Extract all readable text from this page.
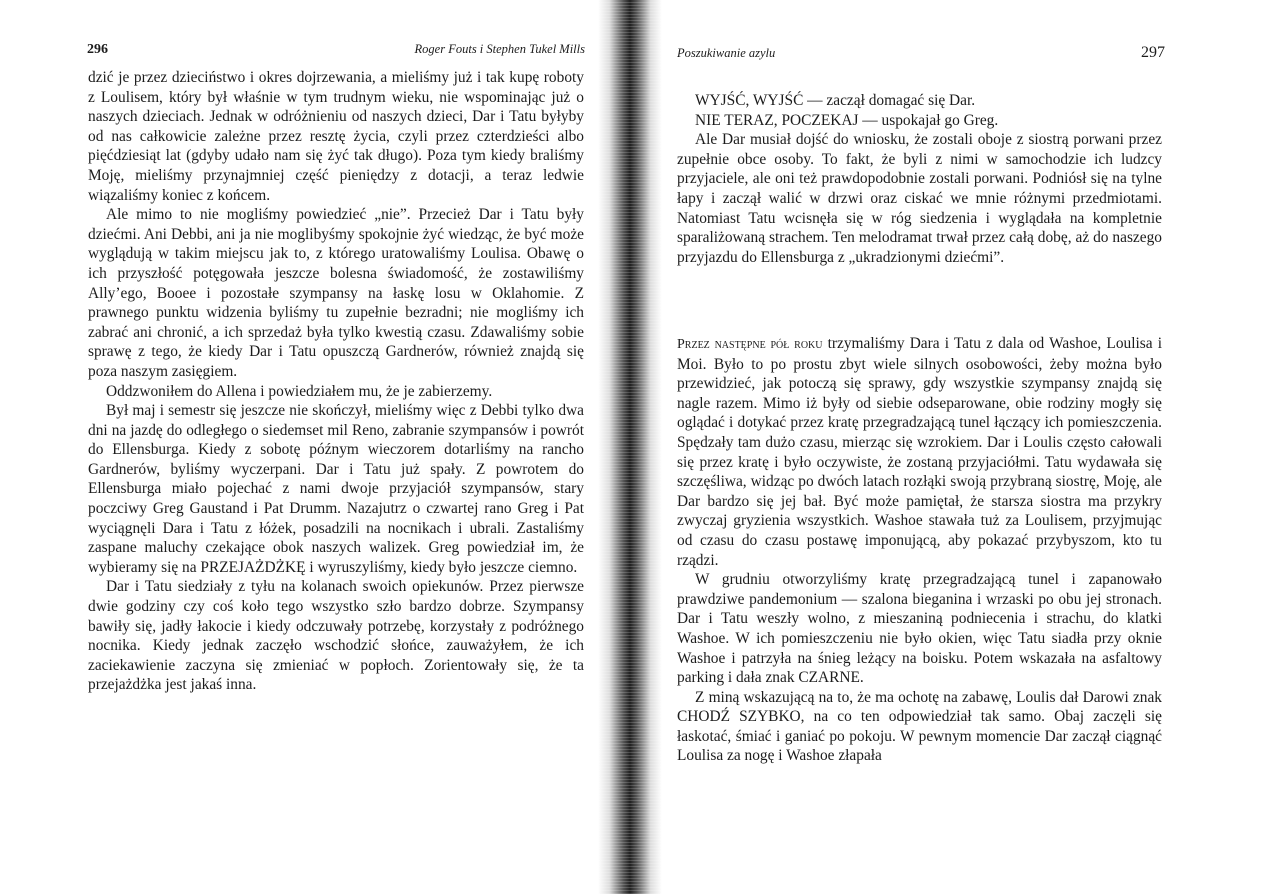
296	Roger Fouts i Stephen Tukel Mills

dzić je przez dzieciństwo i okres dojrzewania, a mieliśmy już i tak kupę roboty z Loulisem, który był właśnie w tym trudnym wieku, nie wspominając już o naszych dzieciach. Jednak w odróżnieniu od naszych dzieci, Dar i Tatu byłyby od nas całkowicie zależne przez resztę życia, czyli przez czterdzieści albo pięćdziesiąt lat (gdyby udało nam się żyć tak długo). Poza tym kiedy braliśmy Moję, mieliśmy przynajmniej część pieniędzy z dotacji, a teraz ledwie wiązaliśmy koniec z końcem.

Ale mimo to nie mogliśmy powiedzieć „nie”. Przecież Dar i Tatu były dziećmi. Ani Debbi, ani ja nie moglibyśmy spokojnie żyć wiedząc, że być może wyglądują w takim miejscu jak to, z którego uratowaliśmy Loulisa. Obawę o ich przyszłość potęgowała jeszcze bolesna świadomość, że zostawiliśmy Ally’ego, Booee i pozostałe szympansy na łaskę losu w Oklahomie. Z prawnego punktu widzenia byliśmy tu zupełnie bezradni; nie mogliśmy ich zabrać ani chronić, a ich sprzedaż była tylko kwestią czasu. Zdawaliśmy sobie sprawę z tego, że kiedy Dar i Tatu opuszczą Gardnerów, również znajdą się poza naszym zasięgiem.

Oddzwoniłem do Allena i powiedziałem mu, że je zabierzemy.

Był maj i semestr się jeszcze nie skończył, mieliśmy więc z Debbi tylko dwa dni na jazdę do odległego o siedemset mil Reno, zabranie szympansów i powrót do Ellensburga. Kiedy z sobotę późnym wieczorem dotarliśmy na rancho Gardnerów, byliśmy wyczerpani. Dar i Tatu już spały. Z powrotem do Ellensburga miało pojechać z nami dwoje przyjaciół szympansów, stary poczciwy Greg Gaustand i Pat Drumm. Nazajutrz o czwartej rano Greg i Pat wyciągnęli Dara i Tatu z łóżek, posadzili na nocnikach i ubrali. Zastaliśmy zaspane maluchy czekające obok naszych walizek. Greg powiedział im, że wybieramy się na PRZEJAŻDŻKĘ i wyruszyliśmy, kiedy było jeszcze ciemno.

Dar i Tatu siedziały z tyłu na kolanach swoich opiekunów. Przez pierwsze dwie godziny czy coś koło tego wszystko szło bardzo dobrze. Szympansy bawiły się, jadły łakocie i kiedy odczuwały potrzebę, korzystały z podróżnego nocnika. Kiedy jednak zaczęło wschodzić słońce, zauważyłem, że ich zaciekawienie zaczyna się zmieniać w popłoch. Zorientowały się, że ta przejażdżka jest jakaś inna.

Poszukiwanie azylu	297

WYJŚĆ, WYJŚĆ — zaczął domagać się Dar.

NIE TERAZ, POCZEKAJ — uspokajał go Greg.

Ale Dar musiał dojść do wniosku, że zostali oboje z siostrą porwani przez zupełnie obce osoby. To fakt, że byli z nimi w samochodzie ich ludzcy przyjaciele, ale oni też prawdopodobnie zostali porwani. Podniósł się na tylne łapy i zaczął walić w drzwi oraz ciskać we mnie różnymi przedmiotami. Natomiast Tatu wcisnęła się w róg siedzenia i wyglądała na kompletnie sparaliżowaną strachem. Ten melodramat trwał przez całą dobę, aż do naszego przyjazdu do Ellensburga z „ukradzionymi dziećmi”.

Przez następne pół roku trzymaliśmy Dara i Tatu z dala od Washoe, Loulisa i Moi. Było to po prostu zbyt wiele silnych osobowości, żeby można było przewidzieć, jak potoczą się sprawy, gdy wszystkie szympansy znajdą się nagle razem. Mimo iż były od siebie odseparowane, obie rodziny mogły się oglądać i dotykać przez kratę przegradzającą tunel łączący ich pomieszczenia. Spędzały tam dużo czasu, mierząc się wzrokiem. Dar i Loulis często całowali się przez kratę i było oczywiste, że zostaną przyjaciółmi. Tatu wydawała się szczęśliwa, widząc po dwóch latach rozłąki swoją przybraną siostrę, Moję, ale Dar bardzo się jej bał. Być może pamiętał, że starsza siostra ma przykry zwyczaj gryzienia wszystkich. Washoe stawała tuż za Loulisem, przyjmując od czasu do czasu postawę imponującą, aby pokazać przybyszom, kto tu rządzi.

W grudniu otworzyliśmy kratę przegradzającą tunel i zapanowało prawdziwe pandemonium — szalona bieganina i wrzaski po obu jej stronach. Dar i Tatu weszły wolno, z mieszaniną podniecenia i strachu, do klatki Washoe. W ich pomieszczeniu nie było okien, więc Tatu siadła przy oknie Washoe i patrzyła na śnieg leżący na boisku. Potem wskazała na asfaltowy parking i dała znak CZARNE.

Z miną wskazującą na to, że ma ochotę na zabawę, Loulis dał Darowi znak CHODŹ SZYBKO, na co ten odpowiedział tak samo. Obaj zaczęli się łaskotać, śmiać i ganiać po pokoju. W pewnym momencie Dar zaczął ciągnąć Loulisa za nogę i Washoe złapała
